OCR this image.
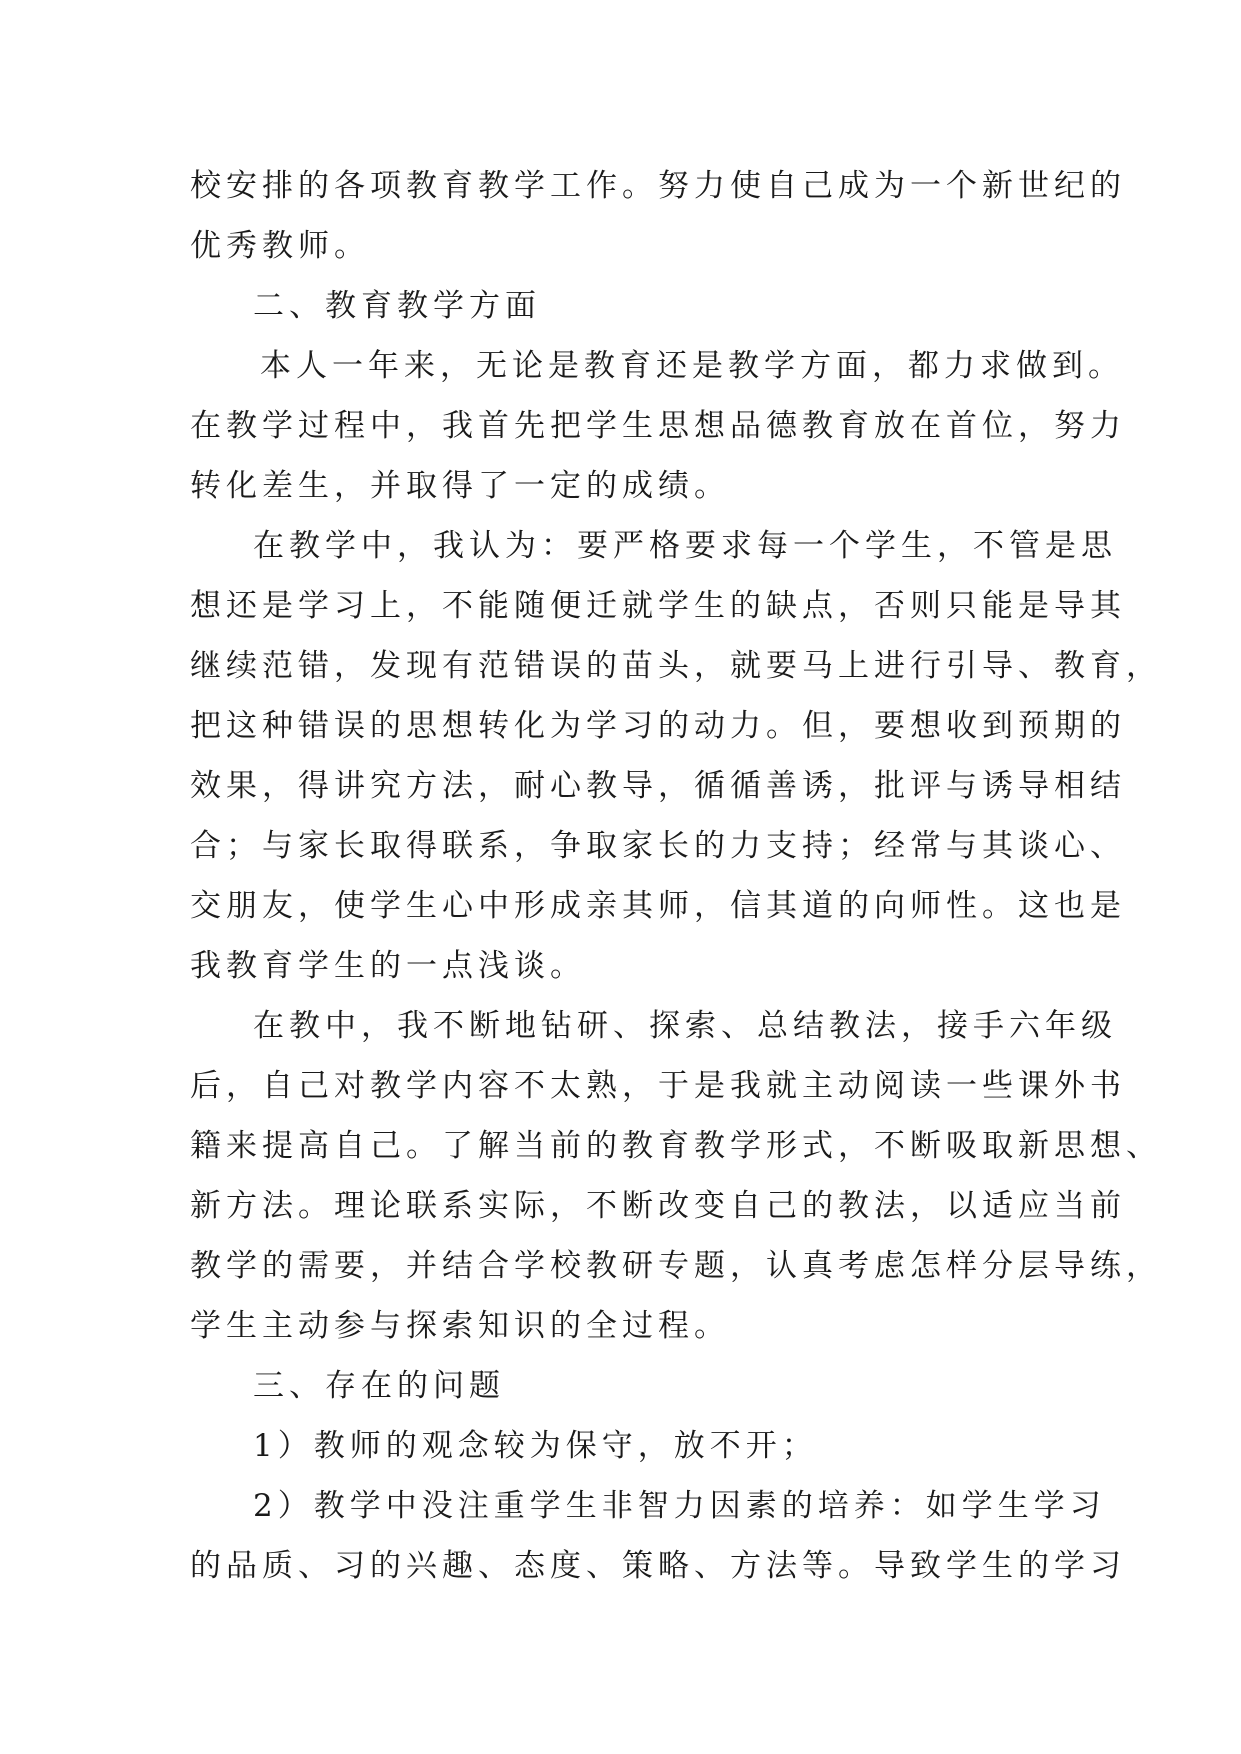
校安排的各项教育教学工作。努力使自己成为一个新世纪的
优秀教师。
二、教育教学方面
本人一年来，无论是教育还是教学方面，都力求做到。
在教学过程中，我首先把学生思想品德教育放在首位，努力
转化差生，并取得了一定的成绩。
在教学中，我认为：要严格要求每一个学生，不管是思
想还是学习上，不能随便迁就学生的缺点，否则只能是导其
继续范错，发现有范错误的苗头，就要马上进行引导、教育，
把这种错误的思想转化为学习的动力。但，要想收到预期的
效果，得讲究方法，耐心教导，循循善诱，批评与诱导相结
合；与家长取得联系，争取家长的力支持；经常与其谈心、
交朋友，使学生心中形成亲其师，信其道的向师性。这也是
我教育学生的一点浅谈。
在教中，我不断地钻研、探索、总结教法，接手六年级
后，自己对教学内容不太熟，于是我就主动阅读一些课外书
籍来提高自己。了解当前的教育教学形式，不断吸取新思想、
新方法。理论联系实际，不断改变自己的教法，以适应当前
教学的需要，并结合学校教研专题，认真考虑怎样分层导练，
学生主动参与探索知识的全过程。
三、存在的问题
1）教师的观念较为保守，放不开；
2）教学中没注重学生非智力因素的培养：如学生学习
的品质、习的兴趣、态度、策略、方法等。导致学生的学习
